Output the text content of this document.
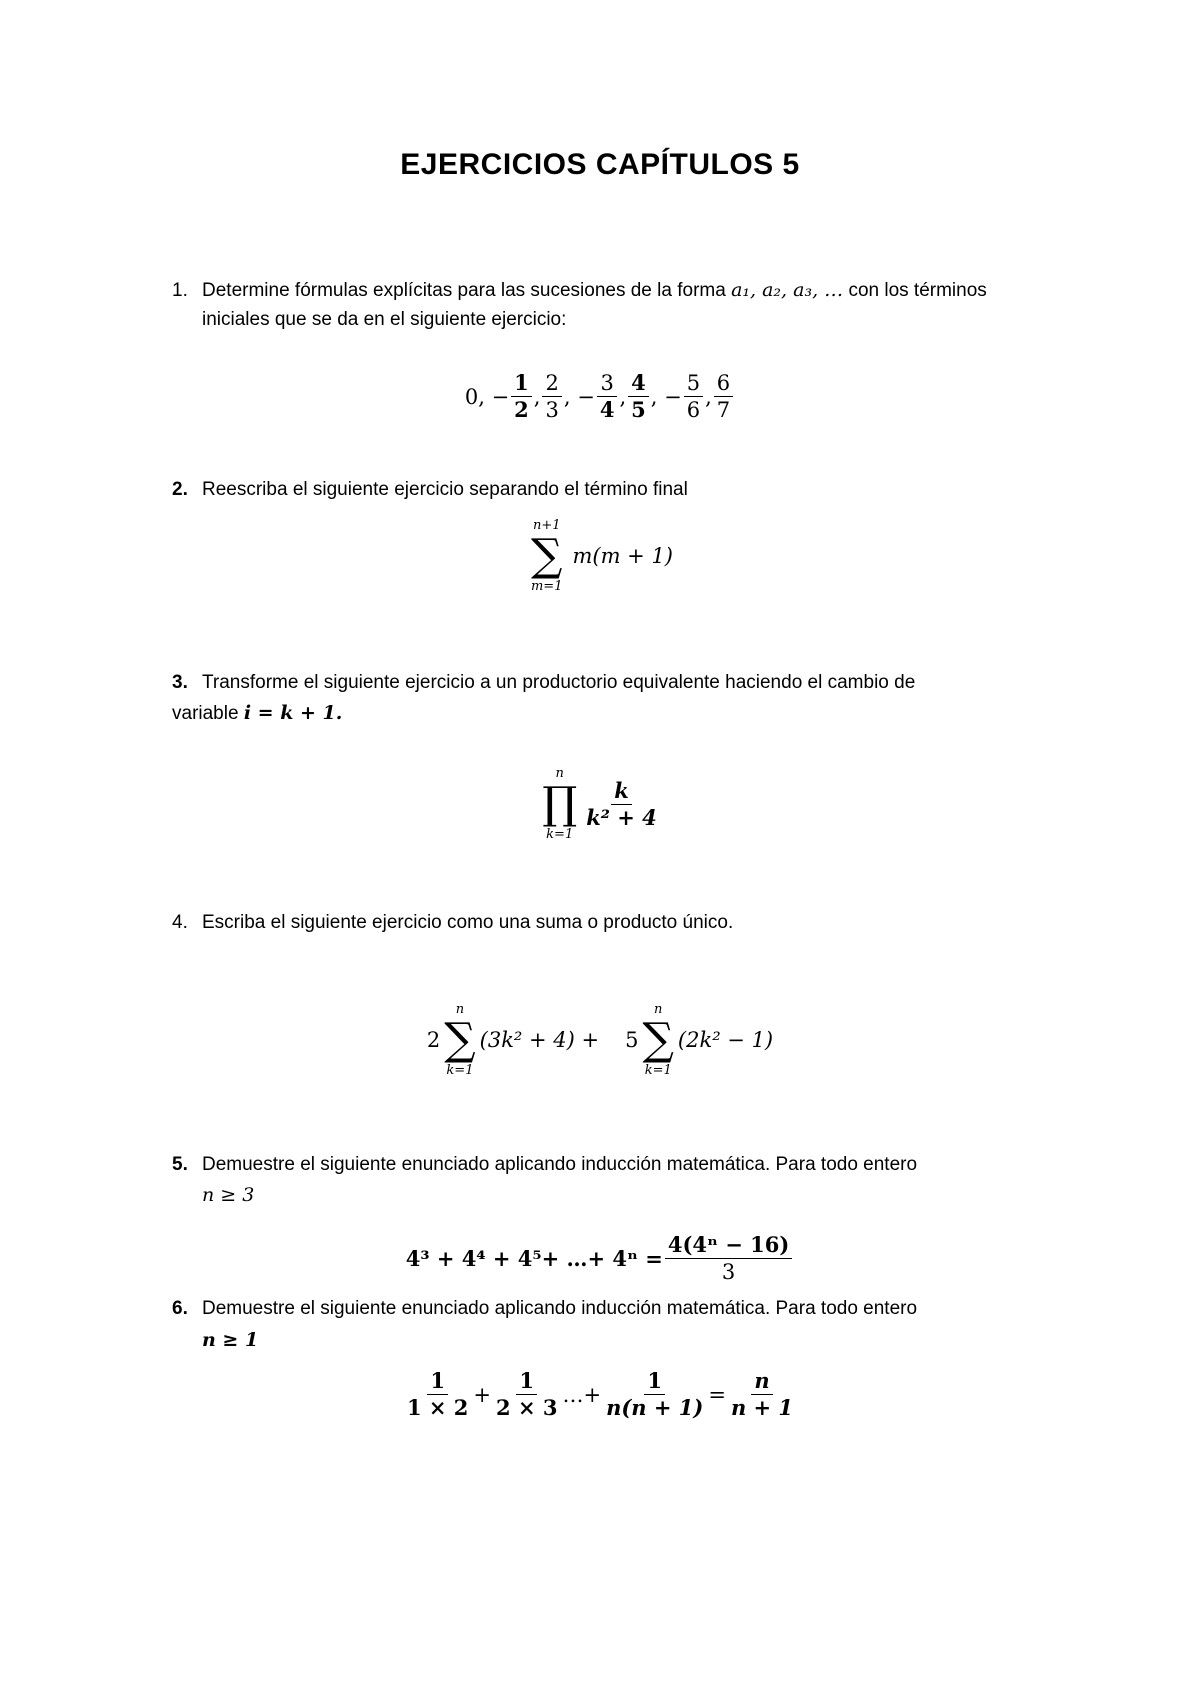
EJERCICIOS CAPÍTULOS 5
1. Determine fórmulas explícitas para las sucesiones de la forma a₁, a₂, a₃, … con los términos
iniciales que se da en el siguiente ejercicio:
0, − $\frac{1}{2}$ , $\frac{2}{3}$ , − $\frac{3}{4}$ , $\frac{4}{5}$ , − $\frac{5}{6}$ , $\frac{6}{7}$
2. Reescriba el siguiente ejercicio separando el término final
n+1
∑
m=1
m(m + 1)
3. Transforme el siguiente ejercicio a un productorio equivalente haciendo el cambio de
variable i = k + 1.
n
∏
k=1
$\frac{k}{\text{k² + 4}}$
4. Escriba el siguiente ejercicio como una suma o producto único.
2
n
∑
k=1
(3k² + 4) + 5
n
∑
k=1
(2k² − 1)
5. Demuestre el siguiente enunciado aplicando inducción matemática. Para todo entero
n ≥ 3
4³ + 4⁴ + 4⁵+ …+ $4^n = \frac{\text{4(4ⁿ − 16)}}{3}$
6. Demuestre el siguiente enunciado aplicando inducción matemática. Para todo entero
n ≥ 1
$\frac{1}{1 \times 2} + \frac{1}{2 \times 3}$ …+ $\frac{1}{n(n + 1)} = \frac{n}{n + 1}$
